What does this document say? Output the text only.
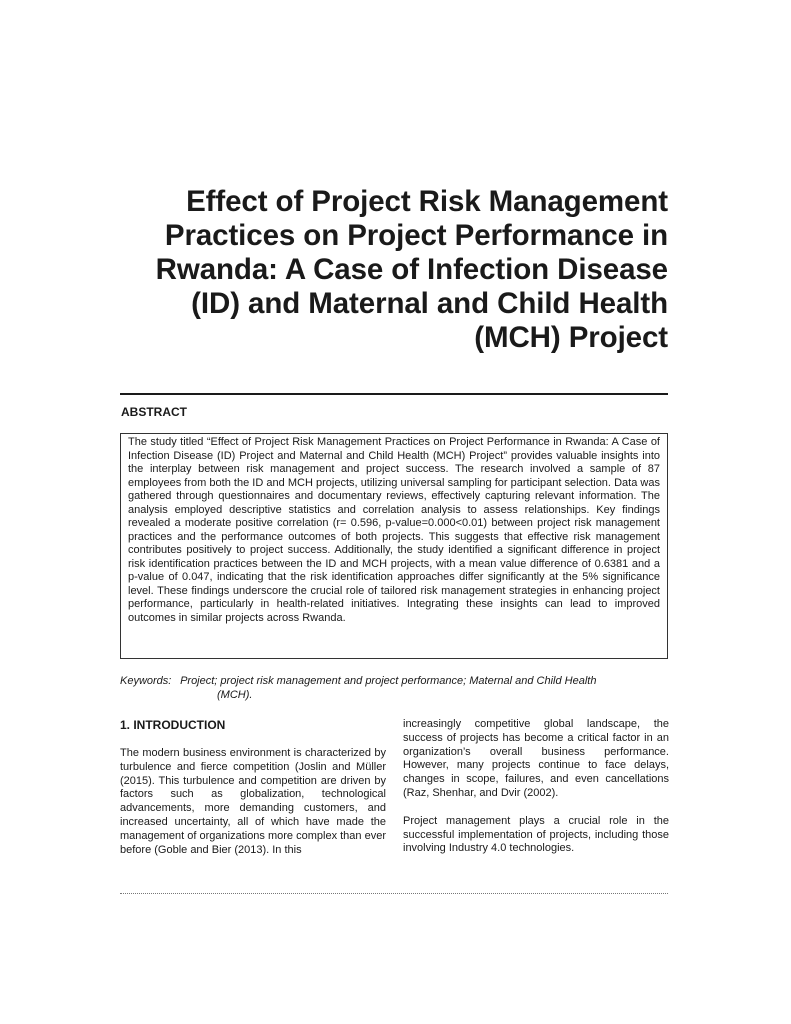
Effect of Project Risk Management
Practices on Project Performance in
Rwanda: A Case of Infection Disease
(ID) and Maternal and Child Health
(MCH) Project
ABSTRACT

The study titled “Effect of Project Risk Management Practices on Project Performance in Rwanda: A Case of Infection Disease (ID) Project and Maternal and Child Health (MCH) Project” provides valuable insights into the interplay between risk management and project success. The research involved a sample of 87 employees from both the ID and MCH projects, utilizing universal sampling for participant selection. Data was gathered through questionnaires and documentary reviews, effectively capturing relevant information. The analysis employed descriptive statistics and correlation analysis to assess relationships. Key findings revealed a moderate positive correlation (r= 0.596, p-value=0.000<0.01) between project risk management practices and the performance outcomes of both projects. This suggests that effective risk management contributes positively to project success. Additionally, the study identified a significant difference in project risk identification practices between the ID and MCH projects, with a mean value difference of 0.6381 and a p-value of 0.047, indicating that the risk identification approaches differ significantly at the 5% significance level. These findings underscore the crucial role of tailored risk management strategies in enhancing project performance, particularly in health-related initiatives. Integrating these insights can lead to improved outcomes in similar projects across Rwanda.

Keywords: Project; project risk management and project performance; Maternal and Child Health
(MCH).
1. INTRODUCTION

The modern business environment is characterized by turbulence and fierce competition (Joslin and Müller (2015). This turbulence and competition are driven by factors such as globalization, technological advancements, more demanding customers, and increased uncertainty, all of which have made the management of organizations more complex than ever before (Goble and Bier (2013). In this

increasingly competitive global landscape, the success of projects has become a critical factor in an organization’s overall business performance. However, many projects continue to face delays, changes in scope, failures, and even cancellations (Raz, Shenhar, and Dvir (2002).

Project management plays a crucial role in the successful implementation of projects, including those involving Industry 4.0 technologies.
